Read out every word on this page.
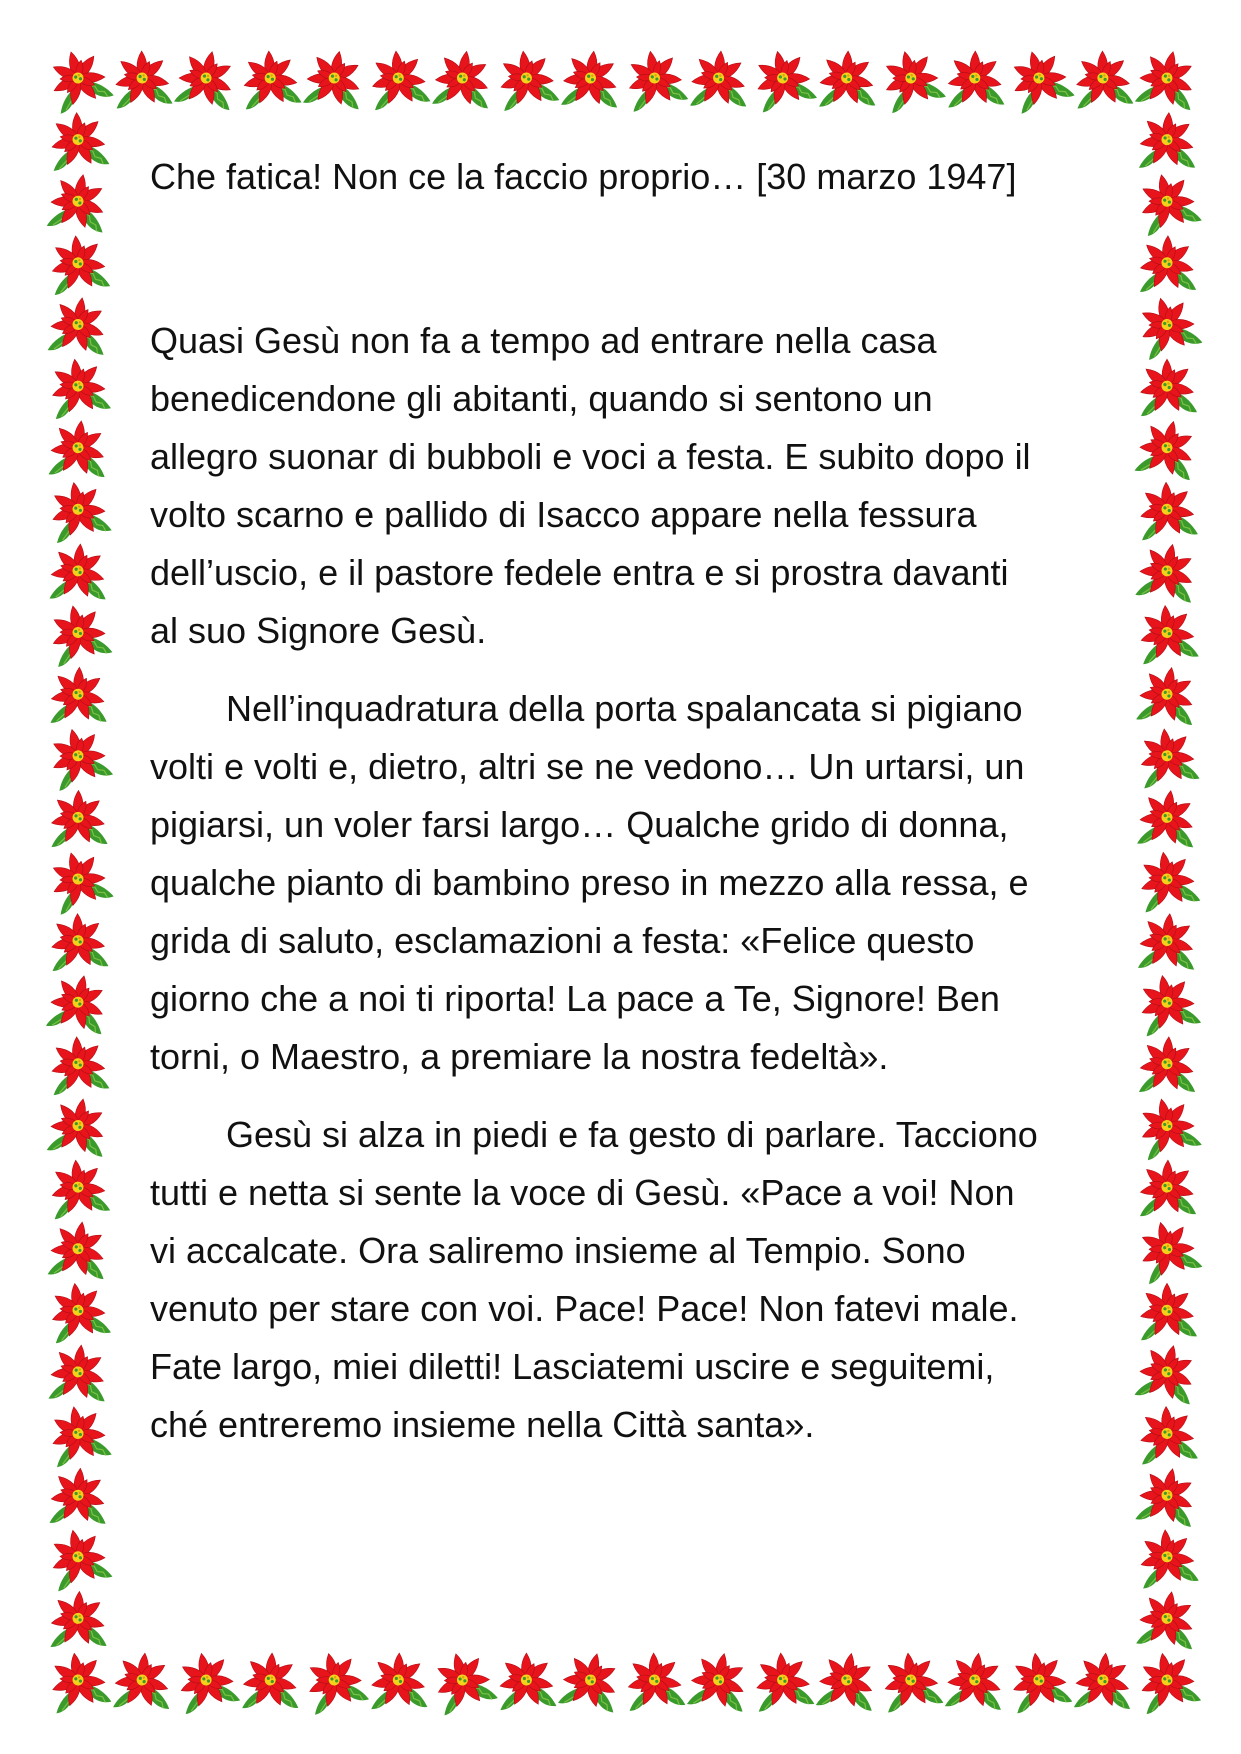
Che fatica! Non ce la faccio proprio… [30 marzo 1947]

Quasi Gesù non fa a tempo ad entrare nella casa
benedicendone gli abitanti, quando si sentono un
allegro suonar di bubboli e voci a festa. E subito dopo il
volto scarno e pallido di Isacco appare nella fessura
dell’uscio, e il pastore fedele entra e si prostra davanti
al suo Signore Gesù.

Nell’inquadratura della porta spalancata si pigiano
volti e volti e, dietro, altri se ne vedono… Un urtarsi, un
pigiarsi, un voler farsi largo… Qualche grido di donna,
qualche pianto di bambino preso in mezzo alla ressa, e
grida di saluto, esclamazioni a festa: «Felice questo
giorno che a noi ti riporta! La pace a Te, Signore! Ben
torni, o Maestro, a premiare la nostra fedeltà».

Gesù si alza in piedi e fa gesto di parlare. Tacciono
tutti e netta si sente la voce di Gesù. «Pace a voi! Non
vi accalcate. Ora saliremo insieme al Tempio. Sono
venuto per stare con voi. Pace! Pace! Non fatevi male.
Fate largo, miei diletti! Lasciatemi uscire e seguitemi,
ché entreremo insieme nella Città santa».
